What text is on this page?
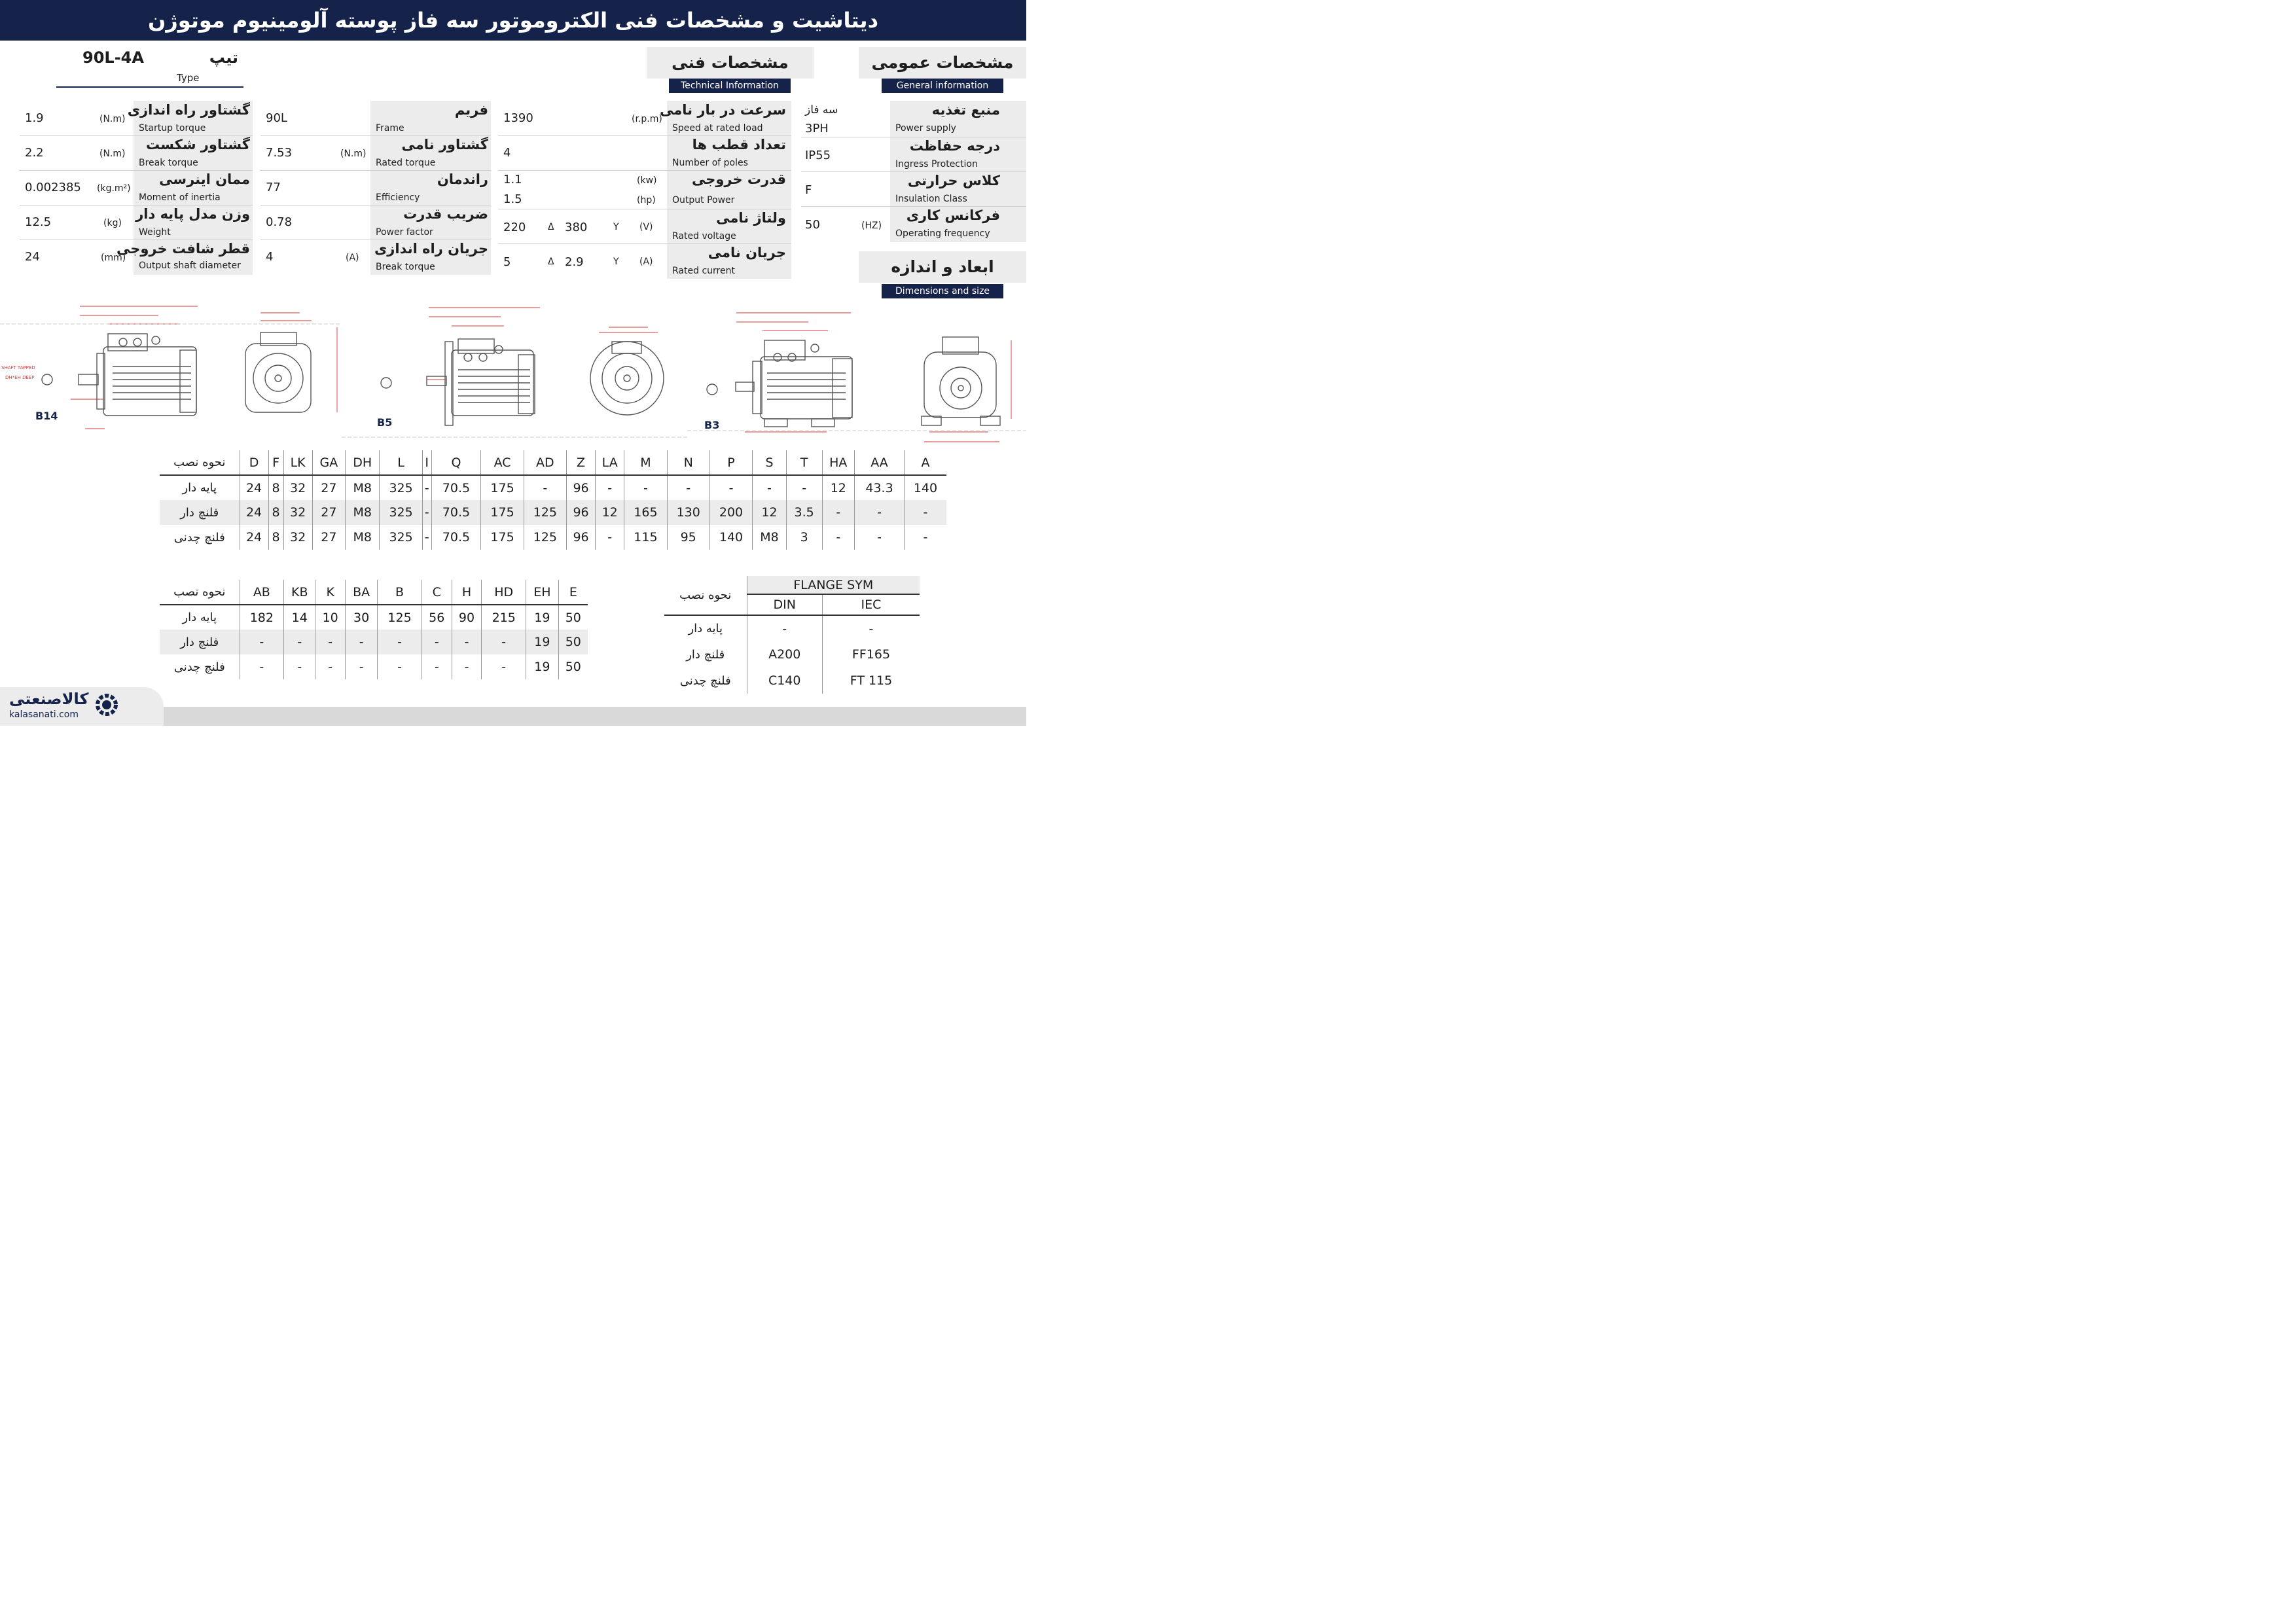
دیتاشیت و مشخصات فنی الکتروموتور سه فاز پوسته آلومینیوم موتوژن
90L-4A	تیپ
Type
مشخصات فنی
Technical Information
مشخصات عمومی
General information
ابعاد و اندازه
Dimensions and size
1.9	(N.m)
گشتاور راه اندازی
Startup torque
2.2	(N.m)
گشتاور شکست
Break torque
0.002385 (kg.m²)
ممان اینرسی
Moment of inertia
12.5	(kg)
وزن مدل پایه دار
Weight
24	(mm)
قطر شافت خروجی
Output shaft diameter
90L
فریم
Frame
7.53	(N.m)
گشتاور نامی
Rated torque
77
راندمان
Efficiency
0.78
ضریب قدرت
Power factor
4	(A)
جریان راه اندازی
Break torque
1390	(r.p.m)
سرعت در بار نامی
Speed at rated load
4
تعداد قطب ها
Number of poles
1.1	(kw)
1.5	(hp)
قدرت خروجی
Output Power
220 Δ 380	Y (V)
ولتاژ نامی
Rated voltage
5	Δ 2.9	Y (A)
جریان نامی
Rated current
سه فاز
3PH
منبع تغذیه
Power supply
IP55
درجه حفاظت
Ingress Protection
F
کلاس حرارتی
Insulation Class
50	(HZ)
فرکانس کاری
Operating frequency
B14
B5	B3
SHAFT TAPPED
DH*EH DEEP
نحوه نصب	D	F	LK	GA	DH	L	I	Q	AC	AD	Z	LA	M	N	P	S	T	HA	AA	A
پایه دار	24	8	32	27	M8	325	-	70.5	175	-	96	-	-	-	-	-	-	12	43.3	140
فلنچ دار	24	8	32	27	M8	325	-	70.5	175	125	96	12	165	130	200	12	3.5	-	-	-
فلنچ چدنی	24	8	32	27	M8	325	-	70.5	175	125	96	-	115	95	140	M8	3	-	-	-
نحوه نصب	AB	KB	K	BA	B	C	H	HD	EH	E
پایه دار	182	14	10	30	125	56	90	215	19	50
فلنچ دار	-	-	-	-	-	-	-	-	19	50
فلنچ چدنی	-	-	-	-	-	-	-	-	19	50
نحوه نصب	FLANGE SYM	
	DIN	IEC
پایه دار	-	-
فلنچ دار	A200	FF165
فلنچ چدنی	C140	FT 115
کالاصنعتی
kalasanati.com
